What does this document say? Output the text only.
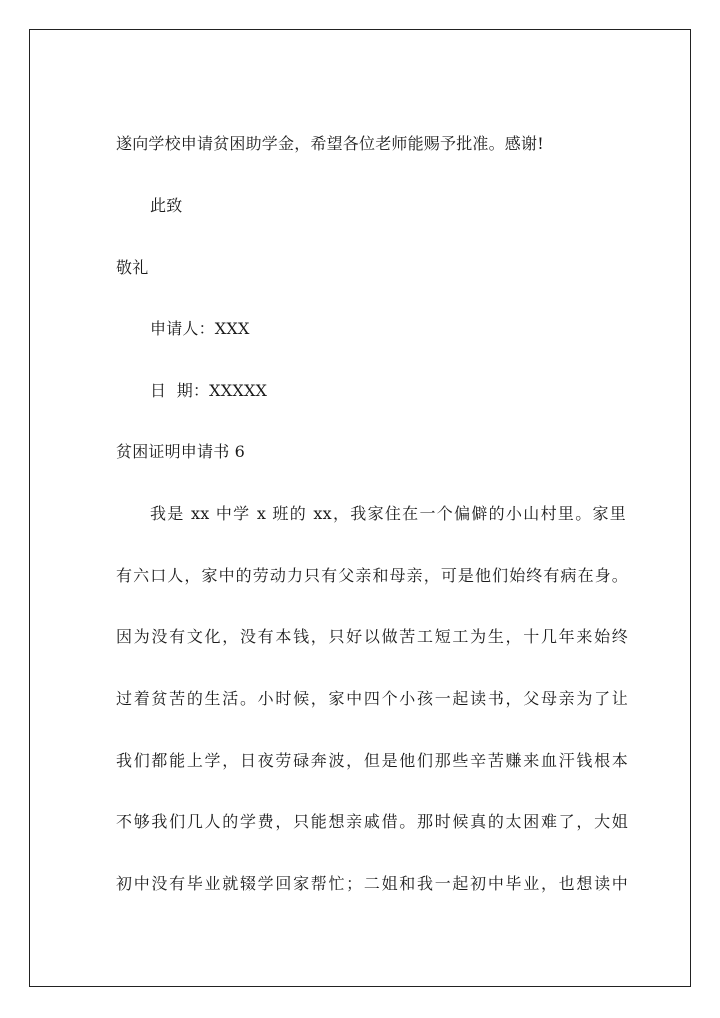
遂向学校申请贫困助学金，希望各位老师能赐予批准。感谢!
此致
敬礼
申请人：XXX
日  期：XXXXX
贫困证明申请书 6
我是 xx 中学 x 班的 xx，我家住在一个偏僻的小山村里。家里
有六口人，家中的劳动力只有父亲和母亲，可是他们始终有病在身。
因为没有文化，没有本钱，只好以做苦工短工为生，十几年来始终
过着贫苦的生活。小时候，家中四个小孩一起读书，父母亲为了让
我们都能上学，日夜劳碌奔波，但是他们那些辛苦赚来血汗钱根本
不够我们几人的学费，只能想亲戚借。那时候真的太困难了，大姐
初中没有毕业就辍学回家帮忙；二姐和我一起初中毕业，也想读中
